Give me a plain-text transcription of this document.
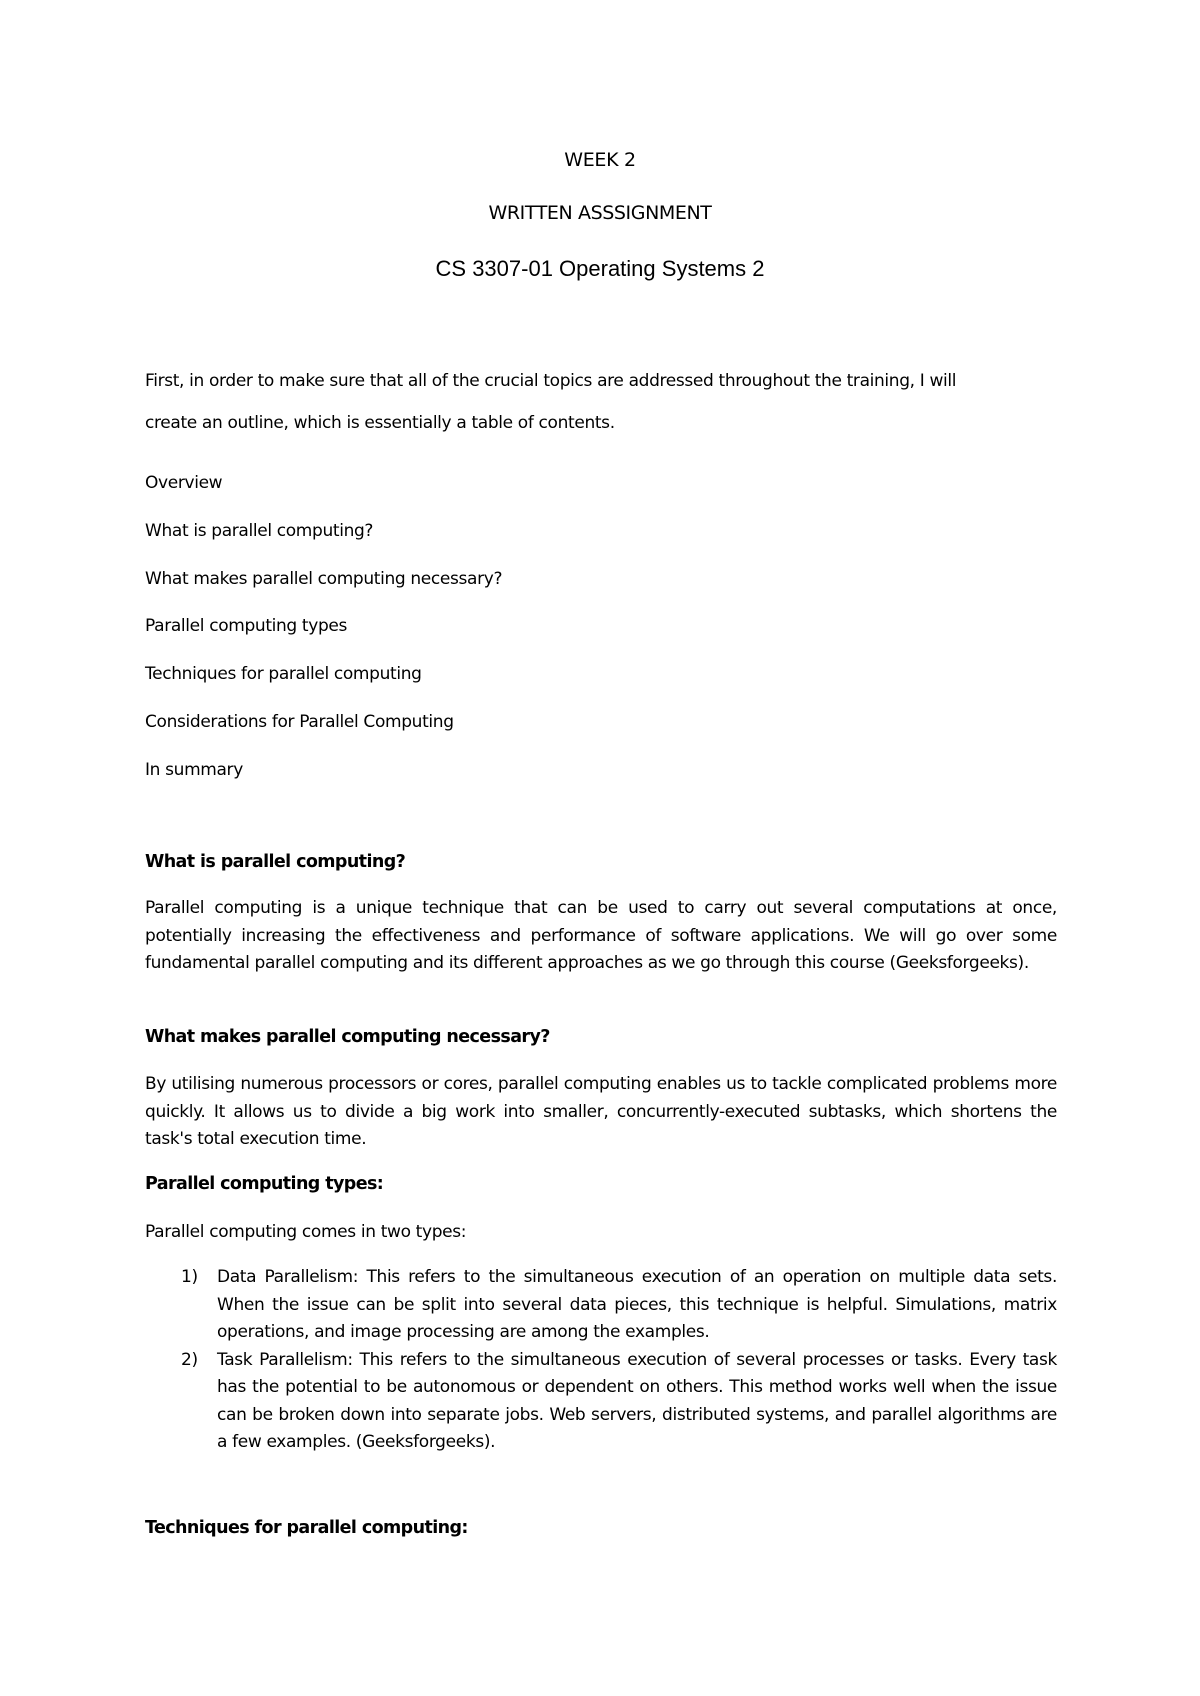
WEEK 2
WRITTEN ASSSIGNMENT
CS 3307-01 Operating Systems 2
First, in order to make sure that all of the crucial topics are addressed throughout the training, I will
create an outline, which is essentially a table of contents.
Overview
What is parallel computing?
What makes parallel computing necessary?
Parallel computing types
Techniques for parallel computing
Considerations for Parallel Computing
In summary
What is parallel computing?

Parallel computing is a unique technique that can be used to carry out several computations at once, potentially increasing the effectiveness and performance of software applications. We will go over some fundamental parallel computing and its different approaches as we go through this course (Geeksforgeeks).

What makes parallel computing necessary?

By utilising numerous processors or cores, parallel computing enables us to tackle complicated problems more quickly. It allows us to divide a big work into smaller, concurrently-executed subtasks, which shortens the task's total execution time.

Parallel computing types:
Parallel computing comes in two types:
1) Data Parallelism: This refers to the simultaneous execution of an operation on multiple data sets. When the issue can be split into several data pieces, this technique is helpful. Simulations, matrix operations, and image processing are among the examples.
2) Task Parallelism: This refers to the simultaneous execution of several processes or tasks. Every task has the potential to be autonomous or dependent on others. This method works well when the issue can be broken down into separate jobs. Web servers, distributed systems, and parallel algorithms are a few examples. (Geeksforgeeks).
Techniques for parallel computing:
